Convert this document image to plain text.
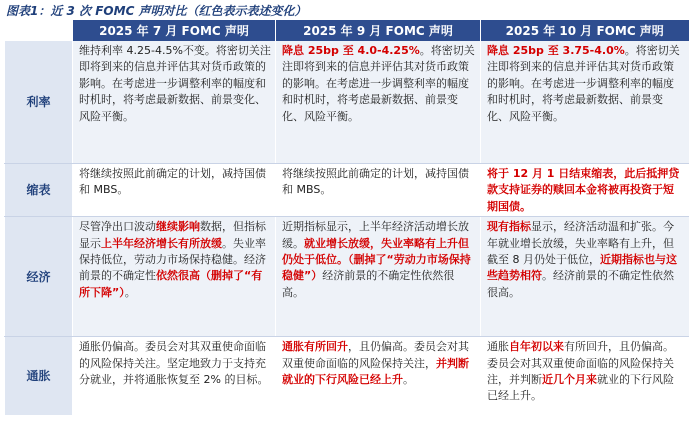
图表1：近 3 次 FOMC 声明对比（红色表示表述变化）
	2025 年 7 月 FOMC 声明	2025 年 9 月 FOMC 声明	2025 年 10 月 FOMC 声明
利率	维持利率 4.25-4.5%不变。将密切关注即将到来的信息并评估其对货币政策的影响。在考虑进一步调整利率的幅度和时机时，将考虑最新数据、前景变化、风险平衡。	降息 25bp 至 4.0-4.25%。将密切关注即将到来的信息并评估其对货币政策的影响。在考虑进一步调整利率的幅度和时机时，将考虑最新数据、前景变化、风险平衡。	降息 25bp 至 3.75-4.0%。将密切关注即将到来的信息并评估其对货币政策的影响。在考虑进一步调整利率的幅度和时机时，将考虑最新数据、前景变化、风险平衡。
缩表	将继续按照此前确定的计划，减持国债和 MBS。	将继续按照此前确定的计划，减持国债和 MBS。	将于 12 月 1 日结束缩表，此后抵押贷款支持证券的赎回本金将被再投资于短期国债。
经济	尽管净出口波动继续影响数据，但指标显示上半年经济增长有所放缓。失业率保持低位，劳动力市场保持稳健。经济前景的不确定性依然很高（删掉了“有所下降”）。	近期指标显示，上半年经济活动增长放缓。就业增长放缓，失业率略有上升但仍处于低位。（删掉了“劳动力市场保持稳健”）经济前景的不确定性依然很高。	现有指标显示，经济活动温和扩张。今年就业增长放缓，失业率略有上升，但截至 8 月仍处于低位，近期指标也与这些趋势相符。经济前景的不确定性依然很高。
通胀	通胀仍偏高。委员会对其双重使命面临的风险保持关注。坚定地致力于支持充分就业，并将通胀恢复至 2% 的目标。	通胀有所回升，且仍偏高。委员会对其双重使命面临的风险保持关注，并判断就业的下行风险已经上升。	通胀自年初以来有所回升，且仍偏高。委员会对其双重使命面临的风险保持关注，并判断近几个月来就业的下行风险已经上升。
